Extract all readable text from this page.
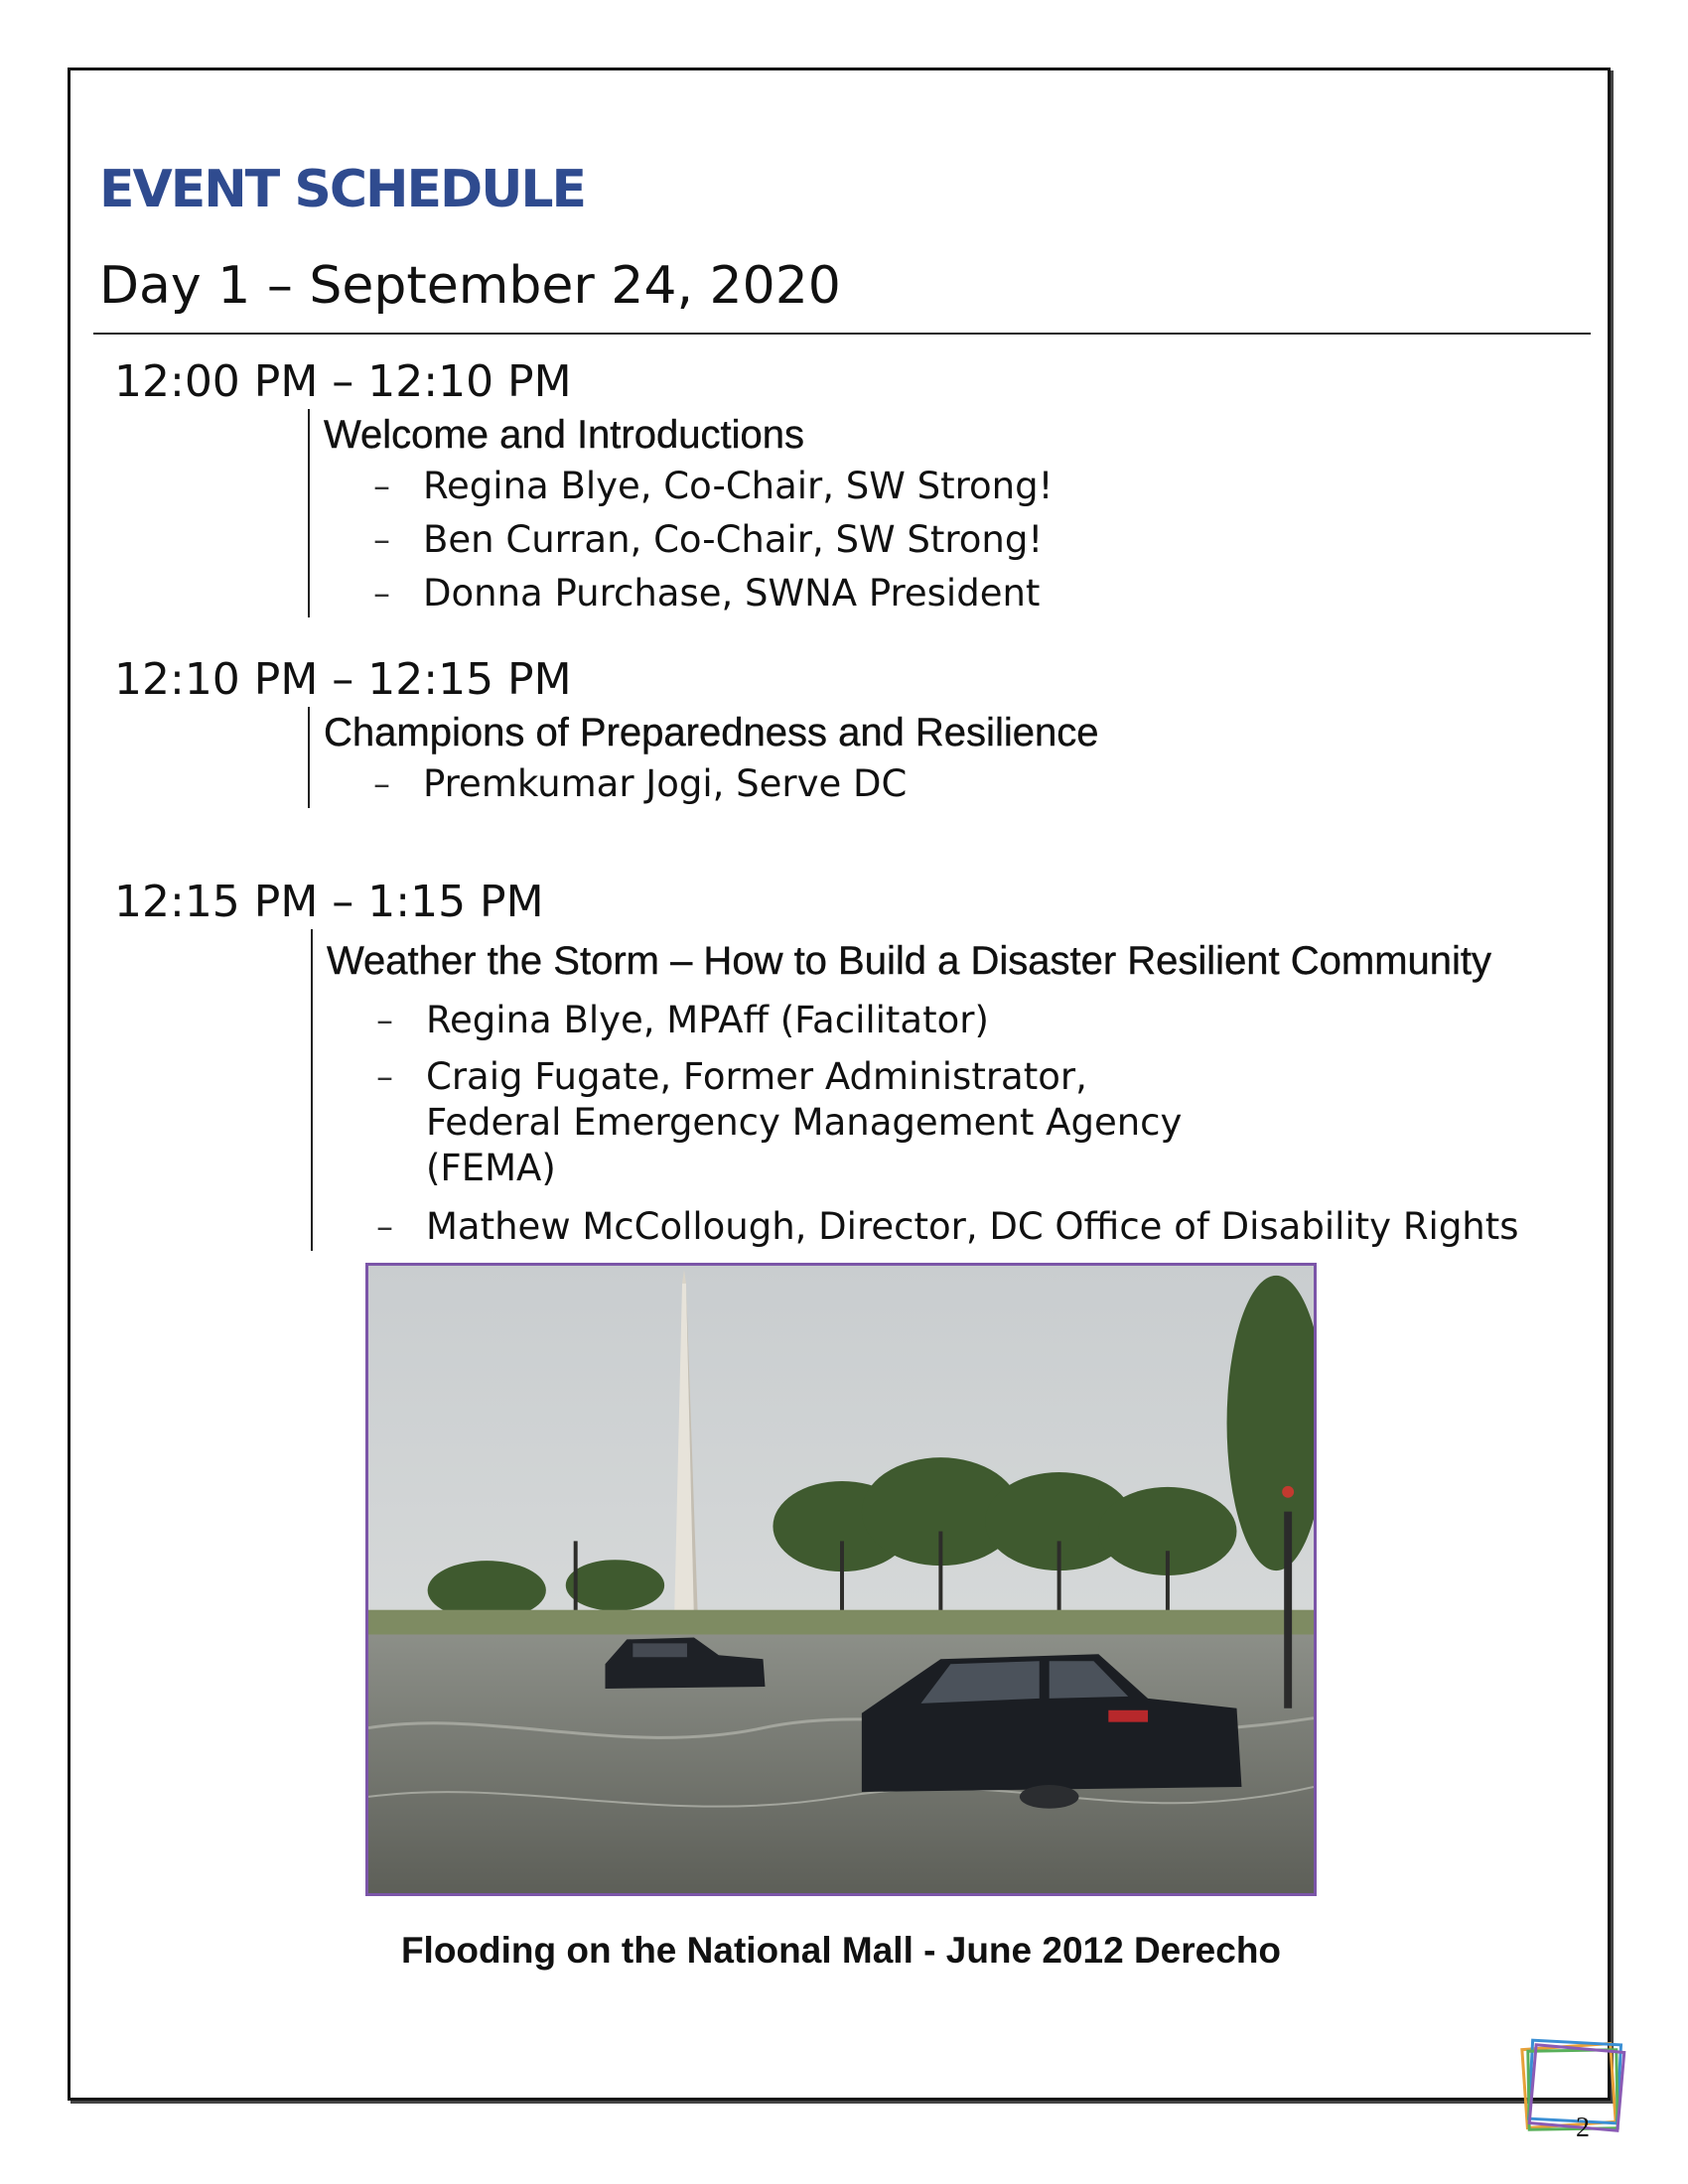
EVENT SCHEDULE
Day 1 – September 24, 2020
12:00 PM – 12:10 PM
Welcome and Introductions
– Regina Blye, Co-Chair, SW Strong!
– Ben Curran, Co-Chair, SW Strong!
– Donna Purchase, SWNA President
12:10 PM – 12:15 PM
Champions of Preparedness and Resilience
– Premkumar Jogi, Serve DC
12:15 PM – 1:15 PM
Weather the Storm – How to Build a Disaster Resilient Community
– Regina Blye, MPAff (Facilitator)
– Craig Fugate, Former Administrator, Federal Emergency Management Agency (FEMA)
– Mathew McCollough, Director, DC Office of Disability Rights
Flooding on the National Mall - June 2012 Derecho
2
